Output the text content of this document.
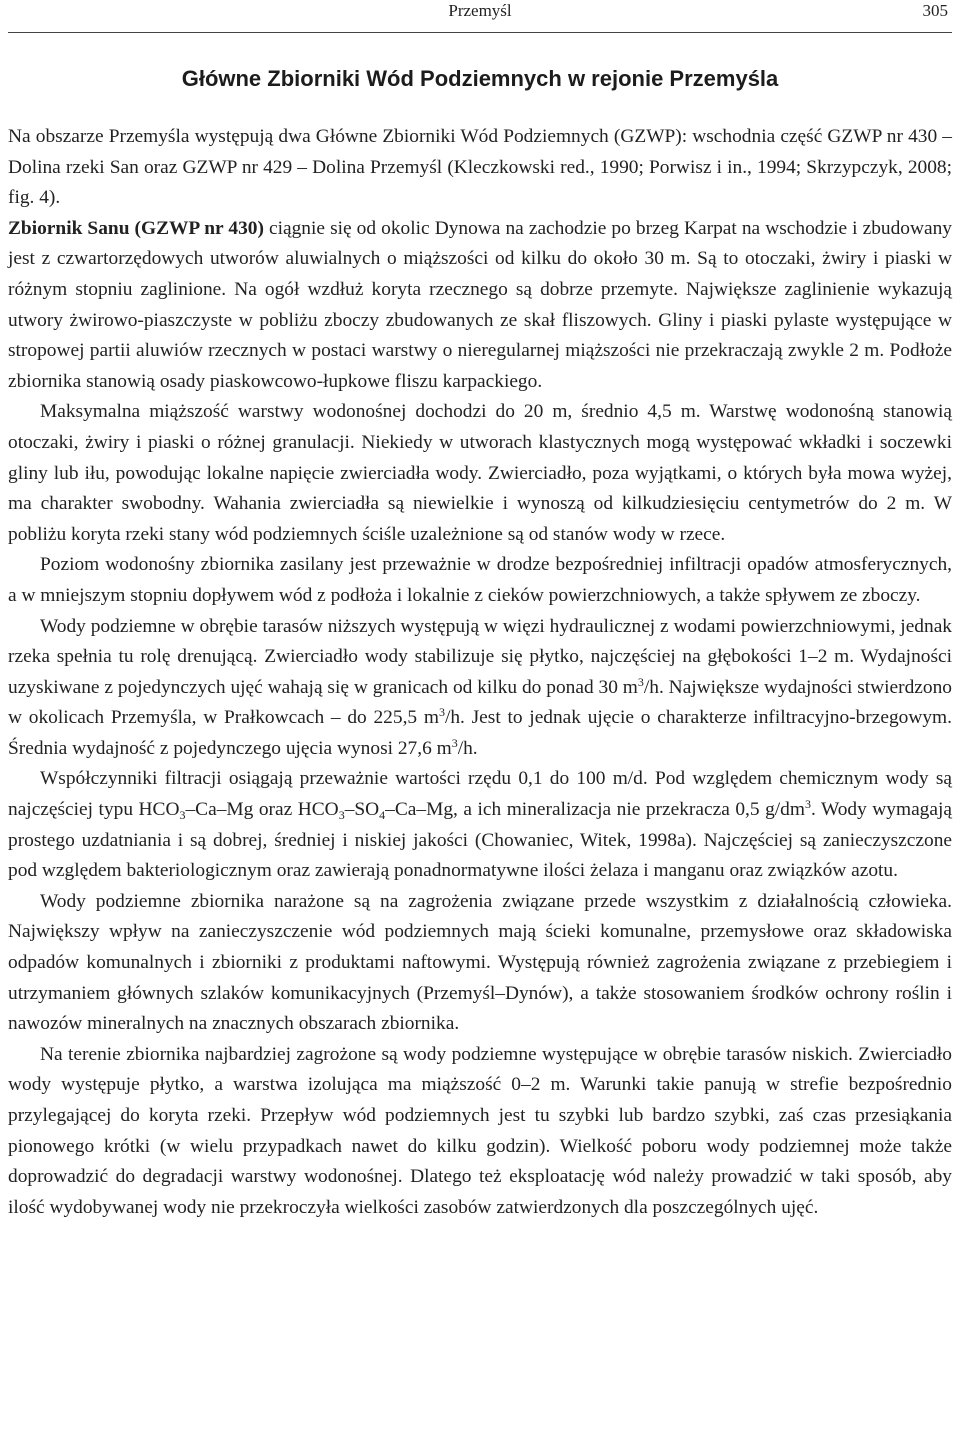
Przemyśl	305
Główne Zbiorniki Wód Podziemnych w rejonie Przemyśla

Na obszarze Przemyśla występują dwa Główne Zbiorniki Wód Podziemnych (GZWP): wschodnia część GZWP nr 430 – Dolina rzeki San oraz GZWP nr 429 – Dolina Przemyśl (Kleczkowski red., 1990; Porwisz i in., 1994; Skrzypczyk, 2008; fig. 4).

Zbiornik Sanu (GZWP nr 430) ciągnie się od okolic Dynowa na zachodzie po brzeg Karpat na wschodzie i zbudowany jest z czwartorzędowych utworów aluwialnych o miąższości od kilku do około 30 m. Są to otoczaki, żwiry i piaski w różnym stopniu zaglinione. Na ogół wzdłuż koryta rzecznego są dobrze przemyte. Największe zaglinienie wykazują utwory żwirowo-piaszczyste w pobliżu zboczy zbudowanych ze skał fliszowych. Gliny i piaski pylaste występujące w stropowej partii aluwiów rzecznych w postaci warstwy o nieregularnej miąższości nie przekraczają zwykle 2 m. Podłoże zbiornika stanowią osady piaskowcowo-łupkowe fliszu karpackiego.

Maksymalna miąższość warstwy wodonośnej dochodzi do 20 m, średnio 4,5 m. Warstwę wodonośną stanowią otoczaki, żwiry i piaski o różnej granulacji. Niekiedy w utworach klastycznych mogą występować wkładki i soczewki gliny lub iłu, powodując lokalne napięcie zwierciadła wody. Zwierciadło, poza wyjątkami, o których była mowa wyżej, ma charakter swobodny. Wahania zwierciadła są niewielkie i wynoszą od kilkudziesięciu centymetrów do 2 m. W pobliżu koryta rzeki stany wód podziemnych ściśle uzależnione są od stanów wody w rzece.

Poziom wodonośny zbiornika zasilany jest przeważnie w drodze bezpośredniej infiltracji opadów atmosferycznych, a w mniejszym stopniu dopływem wód z podłoża i lokalnie z cieków powierzchniowych, a także spływem ze zboczy.

Wody podziemne w obrębie tarasów niższych występują w więzi hydraulicznej z wodami powierzchniowymi, jednak rzeka spełnia tu rolę drenującą. Zwierciadło wody stabilizuje się płytko, najczęściej na głębokości 1–2 m. Wydajności uzyskiwane z pojedynczych ujęć wahają się w granicach od kilku do ponad 30 $m^3/h$. Największe wydajności stwierdzono w okolicach Przemyśla, w Prałkowcach – do 225,5 $m^3/h$. Jest to jednak ujęcie o charakterze infiltracyjno-brzegowym. Średnia wydajność z pojedynczego ujęcia wynosi 27,6 $m^3/h$.

Współczynniki filtracji osiągają przeważnie wartości rzędu 0,1 do 100 m/d. Pod względem chemicznym wody są najczęściej typu $HCO_3-Ca-Mg$ oraz $HCO_3-SO_4-Ca-Mg$, a ich mineralizacja nie przekracza 0,5 $g/dm^3$. Wody wymagają prostego uzdatniania i są dobrej, średniej i niskiej jakości (Chowaniec, Witek, 1998a). Najczęściej są zanieczyszczone pod względem bakteriologicznym oraz zawierają ponadnormatywne ilości żelaza i manganu oraz związków azotu.

Wody podziemne zbiornika narażone są na zagrożenia związane przede wszystkim z działalnością człowieka. Największy wpływ na zanieczyszczenie wód podziemnych mają ścieki komunalne, przemysłowe oraz składowiska odpadów komunalnych i zbiorniki z produktami naftowymi. Występują również zagrożenia związane z przebiegiem i utrzymaniem głównych szlaków komunikacyjnych (Przemyśl–Dynów), a także stosowaniem środków ochrony roślin i nawozów mineralnych na znacznych obszarach zbiornika.

Na terenie zbiornika najbardziej zagrożone są wody podziemne występujące w obrębie tarasów niskich. Zwierciadło wody występuje płytko, a warstwa izolująca ma miąższość 0–2 m. Warunki takie panują w strefie bezpośrednio przylegającej do koryta rzeki. Przepływ wód podziemnych jest tu szybki lub bardzo szybki, zaś czas przesiąkania pionowego krótki (w wielu przypadkach nawet do kilku godzin). Wielkość poboru wody podziemnej może także doprowadzić do degradacji warstwy wodonośnej. Dlatego też eksploatację wód należy prowadzić w taki sposób, aby ilość wydobywanej wody nie przekroczyła wielkości zasobów zatwierdzonych dla poszczególnych ujęć.
